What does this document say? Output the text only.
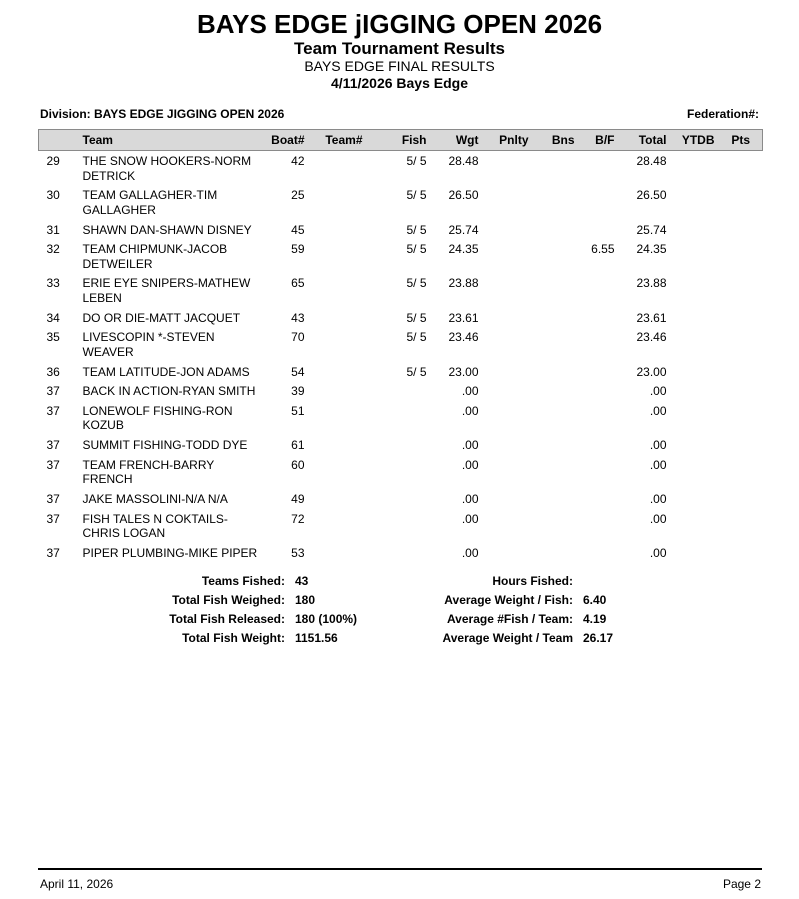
BAYS EDGE jIGGING OPEN 2026
Team Tournament Results
BAYS EDGE FINAL RESULTS
4/11/2026 Bays Edge
Division: BAYS EDGE JIGGING OPEN 2026	Federation#:
	Team	Boat#	Team#	Fish	Wgt	Pnlty	Bns	B/F	Total	YTDB	Pts
29	THE SNOW HOOKERS-NORM DETRICK	42		5/ 5	28.48				28.48		
30	TEAM GALLAGHER-TIM GALLAGHER	25		5/ 5	26.50				26.50		
31	SHAWN DAN-SHAWN DISNEY	45		5/ 5	25.74				25.74		
32	TEAM CHIPMUNK-JACOB DETWEILER	59		5/ 5	24.35			6.55	24.35		
33	ERIE EYE SNIPERS-MATHEW LEBEN	65		5/ 5	23.88				23.88		
34	DO OR DIE-MATT JACQUET	43		5/ 5	23.61				23.61		
35	LIVESCOPIN *-STEVEN WEAVER	70		5/ 5	23.46				23.46		
36	TEAM LATITUDE-JON ADAMS	54		5/ 5	23.00				23.00		
37	BACK IN ACTION-RYAN SMITH	39			.00				.00		
37	LONEWOLF FISHING-RON KOZUB	51			.00				.00		
37	SUMMIT FISHING-TODD DYE	61			.00				.00		
37	TEAM FRENCH-BARRY FRENCH	60			.00				.00		
37	JAKE MASSOLINI-N/A N/A	49			.00				.00		
37	FISH TALES N COKTAILS-CHRIS LOGAN	72			.00				.00		
37	PIPER PLUMBING-MIKE PIPER	53			.00				.00		
Teams Fished: 43	Hours Fished:
Total Fish Weighed: 180	Average Weight / Fish: 6.40
Total Fish Released: 180 (100%)	Average #Fish / Team: 4.19
Total Fish Weight: 1151.56	Average Weight / Team 26.17
April 11, 2026	Page 2
